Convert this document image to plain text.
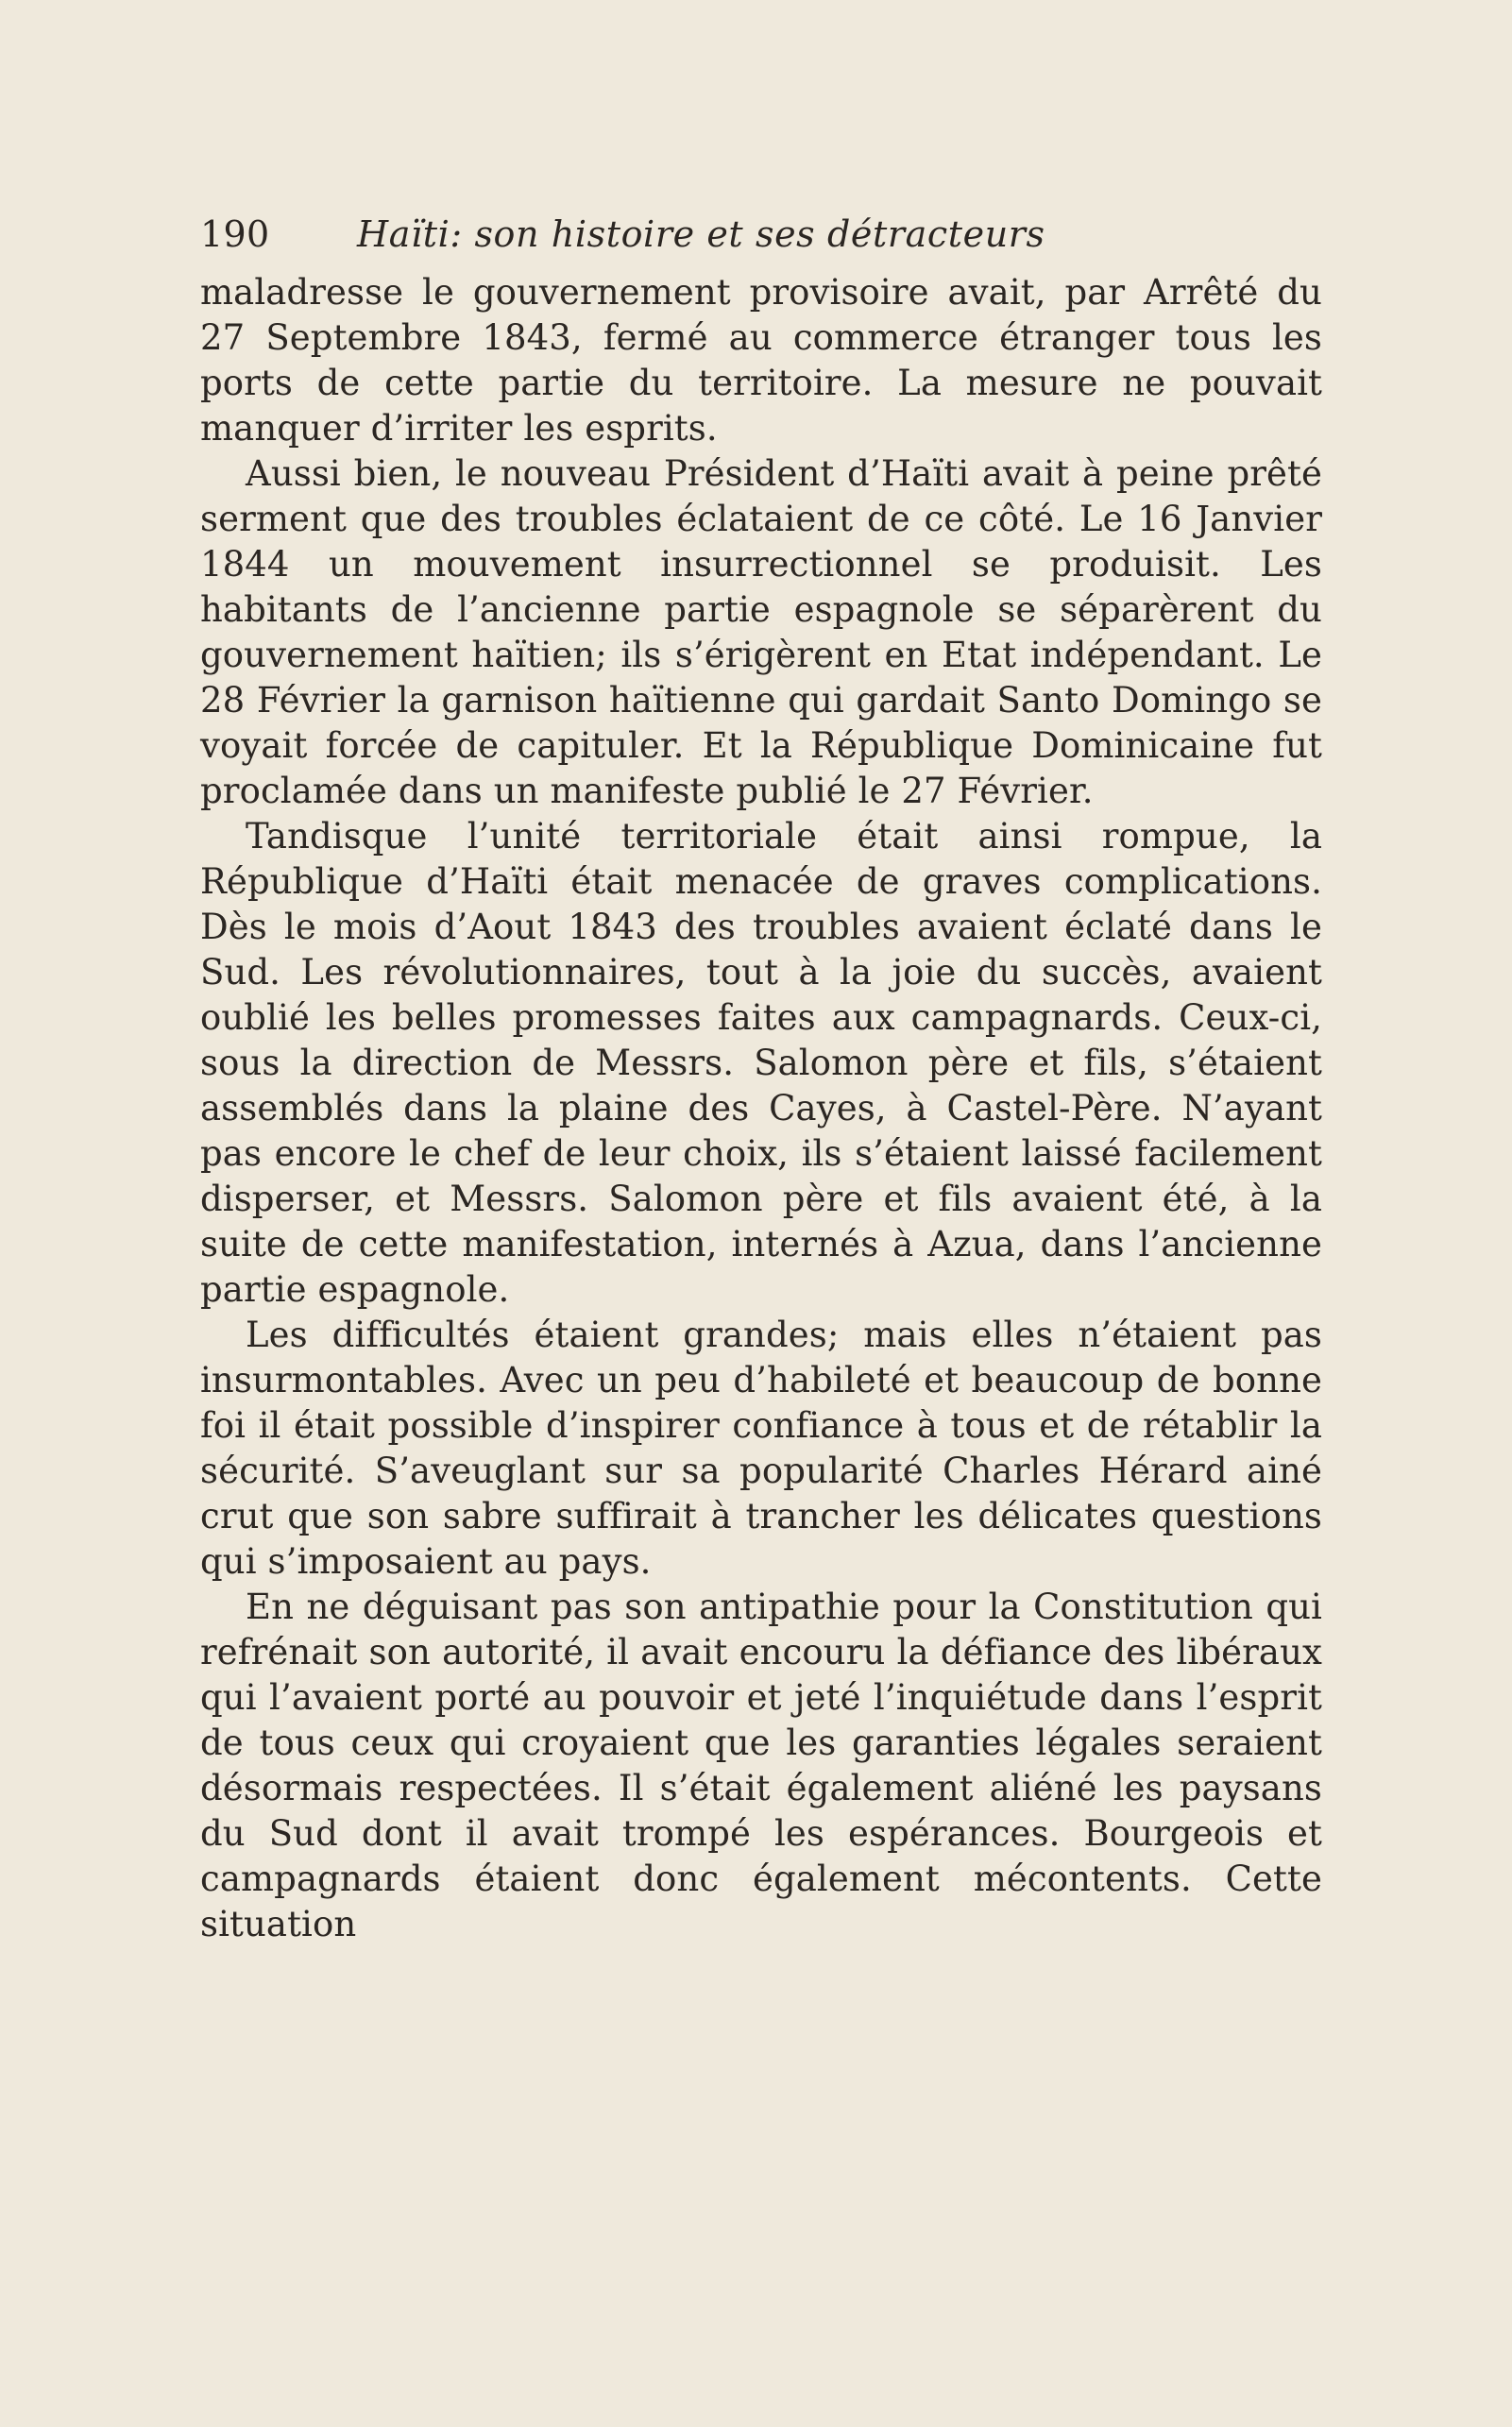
190	Haïti: son histoire et ses détracteurs

maladresse le gouvernement provisoire avait, par Arrêté du 27 Septembre 1843, fermé au commerce étranger tous les ports de cette partie du territoire. La mesure ne pouvait manquer d’irriter les esprits.

Aussi bien, le nouveau Président d’Haïti avait à peine prêté serment que des troubles éclataient de ce côté. Le 16 Janvier 1844 un mouvement insurrectionnel se produisit. Les habitants de l’ancienne partie espagnole se séparèrent du gouvernement haïtien; ils s’érigèrent en Etat indépendant. Le 28 Février la garnison haïtienne qui gardait Santo Domingo se voyait forcée de capituler. Et la République Dominicaine fut proclamée dans un manifeste publié le 27 Février.

Tandisque l’unité territoriale était ainsi rompue, la République d’Haïti était menacée de graves complications. Dès le mois d’Aout 1843 des troubles avaient éclaté dans le Sud. Les révolutionnaires, tout à la joie du succès, avaient oublié les belles promesses faites aux campagnards. Ceux-ci, sous la direction de Messrs. Salomon père et fils, s’étaient assemblés dans la plaine des Cayes, à Castel-Père. N’ayant pas encore le chef de leur choix, ils s’étaient laissé facilement disperser, et Messrs. Salomon père et fils avaient été, à la suite de cette manifestation, internés à Azua, dans l’ancienne partie espagnole.

Les difficultés étaient grandes; mais elles n’étaient pas insurmontables. Avec un peu d’habileté et beaucoup de bonne foi il était possible d’inspirer confiance à tous et de rétablir la sécurité. S’aveuglant sur sa popularité Charles Hérard ainé crut que son sabre suffirait à trancher les délicates questions qui s’imposaient au pays.

En ne déguisant pas son antipathie pour la Constitution qui refrénait son autorité, il avait encouru la défiance des libéraux qui l’avaient porté au pouvoir et jeté l’inquiétude dans l’esprit de tous ceux qui croyaient que les garanties légales seraient désormais respectées. Il s’était également aliéné les paysans du Sud dont il avait trompé les espérances. Bourgeois et campagnards étaient donc également mécontents. Cette situation
